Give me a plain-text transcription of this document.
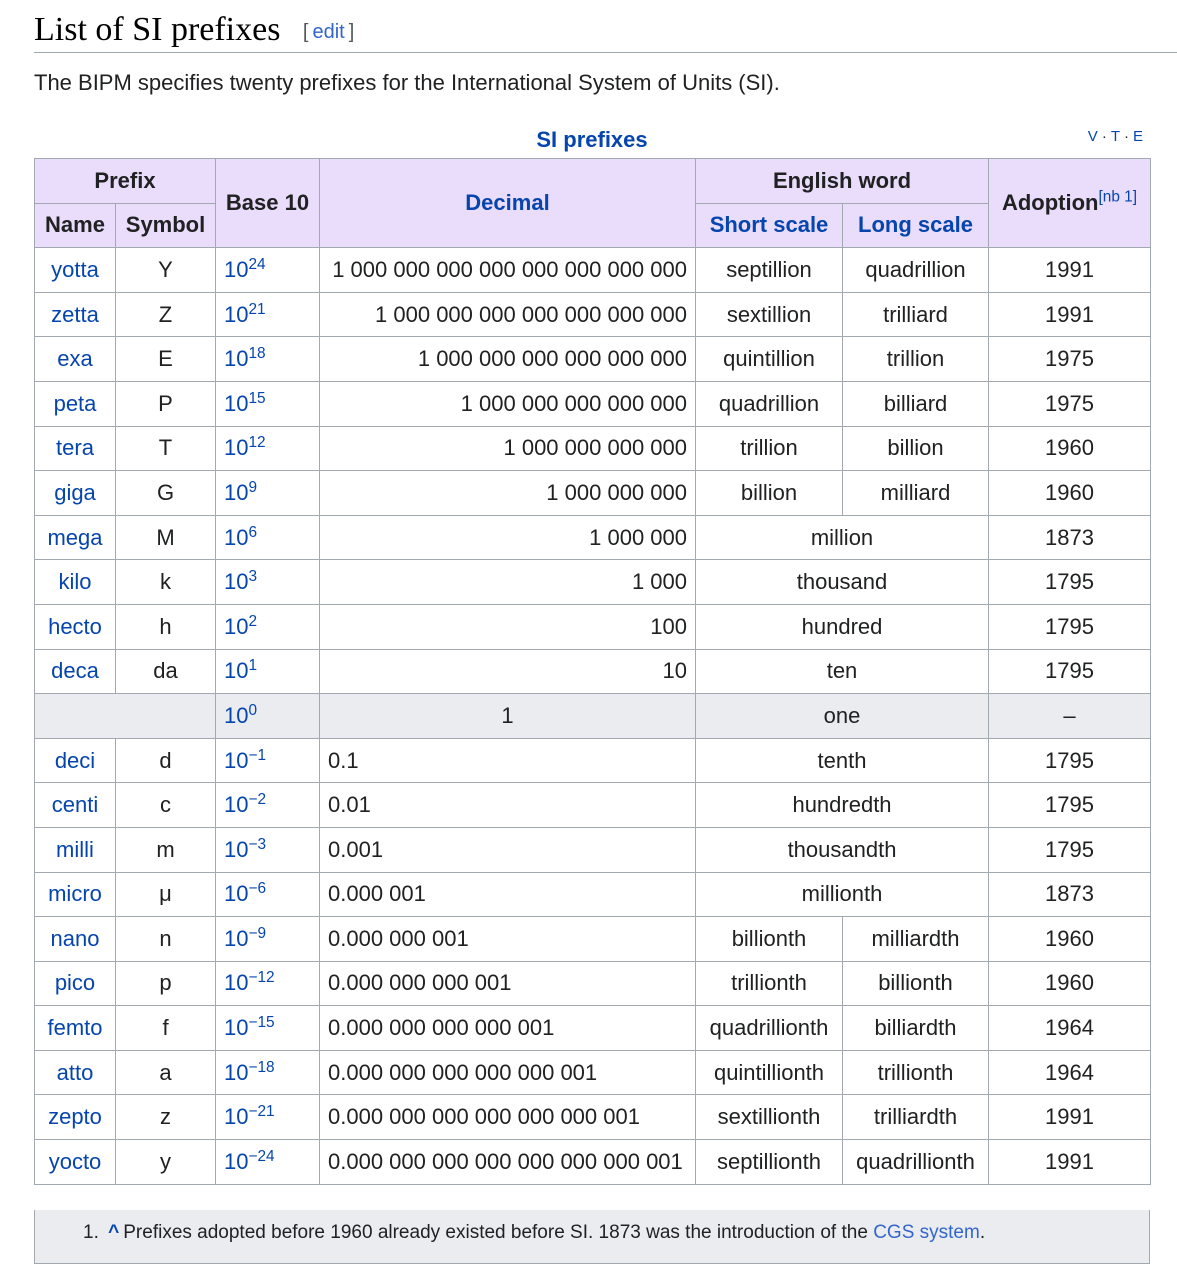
List of SI prefixes [ edit ]

The BIPM specifies twenty prefixes for the International System of Units (SI).

SI prefixes	V · T · E
Prefix		Base 10	Decimal	English word		Adoption[nb 1]
Name	Symbol			Short scale	Long scale	
yotta	Y	$10^{24}$	1 000 000 000 000 000 000 000 000	septillion	quadrillion	1991
zetta	Z	$10^{21}$	1 000 000 000 000 000 000 000	sextillion	trilliard	1991
exa	E	$10^{18}$	1 000 000 000 000 000 000	quintillion	trillion	1975
peta	P	$10^{15}$	1 000 000 000 000 000	quadrillion	billiard	1975
tera	T	$10^{12}$	1 000 000 000 000	trillion	billion	1960
giga	G	$10^9$	1 000 000 000	billion	milliard	1960
mega	M	$10^6$	1 000 000	million		1873
kilo	k	$10^3$	1 000	thousand		1795
hecto	h	$10^2$	100	hundred		1795
deca	da	$10^1$	10	ten		1795
		$10^0$	1	one		–
deci	d	$10^{-1}$	0.1	tenth		1795
centi	c	$10^{-2}$	0.01	hundredth		1795
milli	m	$10^{-3}$	0.001	thousandth		1795
micro	μ	$10^{-6}$	0.000 001	millionth		1873
nano	n	$10^{-9}$	0.000 000 001	billionth	milliardth	1960
pico	p	$10^{-12}$	0.000 000 000 001	trillionth	billionth	1960
femto	f	$10^{-15}$	0.000 000 000 000 001	quadrillionth	billiardth	1964
atto	a	$10^{-18}$	0.000 000 000 000 000 001	quintillionth	trillionth	1964
zepto	z	$10^{-21}$	0.000 000 000 000 000 000 001	sextillionth	trilliardth	1991
yocto	y	$10^{-24}$	0.000 000 000 000 000 000 000 001	septillionth	quadrillionth	1991
1. ^ Prefixes adopted before 1960 already existed before SI. 1873 was the introduction of the CGS system.
